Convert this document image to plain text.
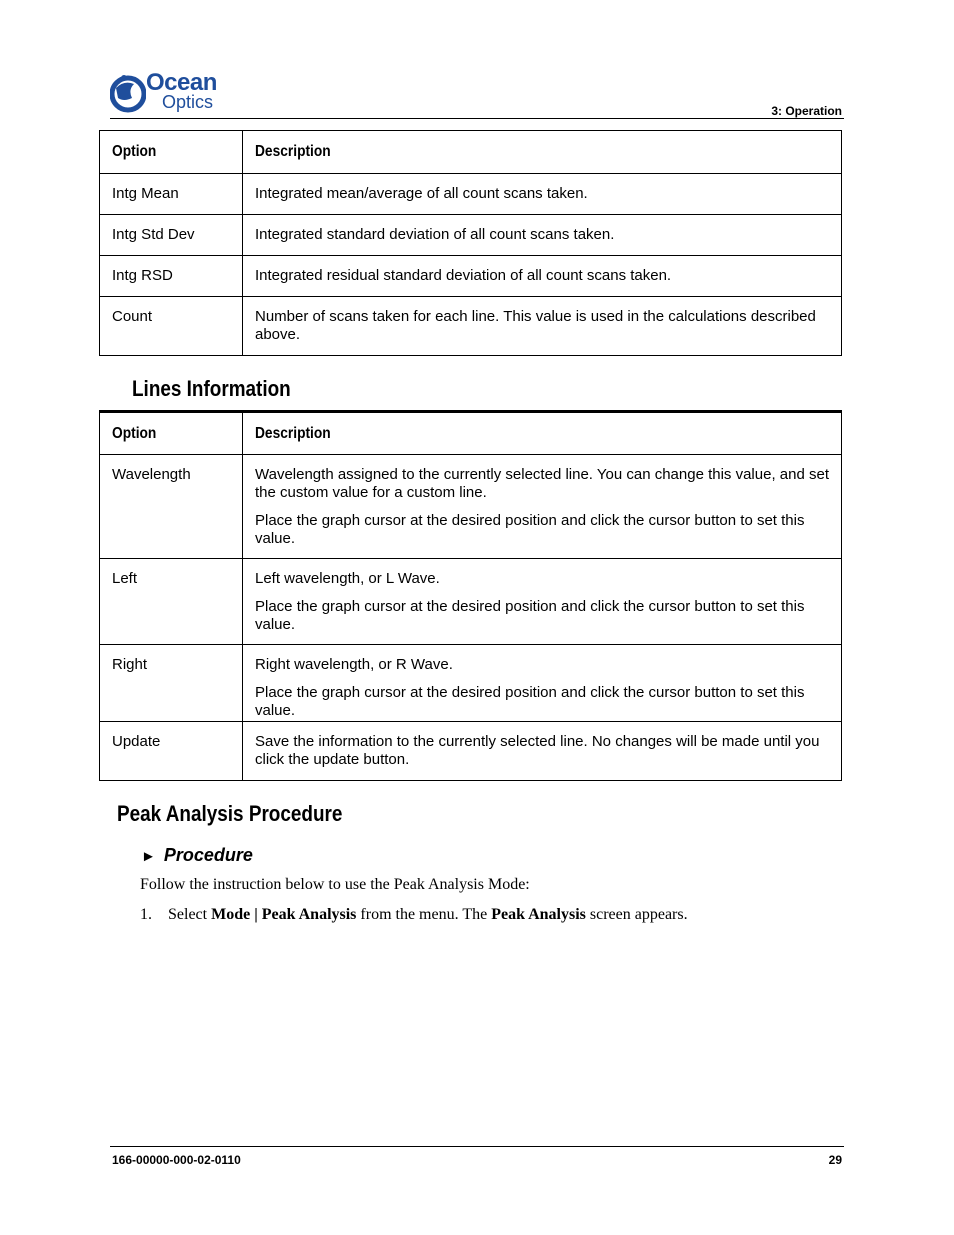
Ocean
Optics	3: Operation
Option	Description
Intg Mean	Integrated mean/average of all count scans taken.
Intg Std Dev	Integrated standard deviation of all count scans taken.
Intg RSD	Integrated residual standard deviation of all count scans taken.
Count	Number of scans taken for each line. This value is used in the calculations described above.
Lines Information
Option	Description
Wavelength	Wavelength assigned to the currently selected line. You can change this value, and set the custom value for a custom line.

Place the graph cursor at the desired position and click the cursor button to set this value.

Left	Left wavelength, or L Wave.

Place the graph cursor at the desired position and click the cursor button to set this value.

Right	Right wavelength, or R Wave.

Place the graph cursor at the desired position and click the cursor button to set this value.

Update	Save the information to the currently selected line. No changes will be made until you click the update button.

Peak Analysis Procedure
► Procedure
Follow the instruction below to use the Peak Analysis Mode:
1. Select Mode | Peak Analysis from the menu. The Peak Analysis screen appears.
166-00000-000-02-0110	29
